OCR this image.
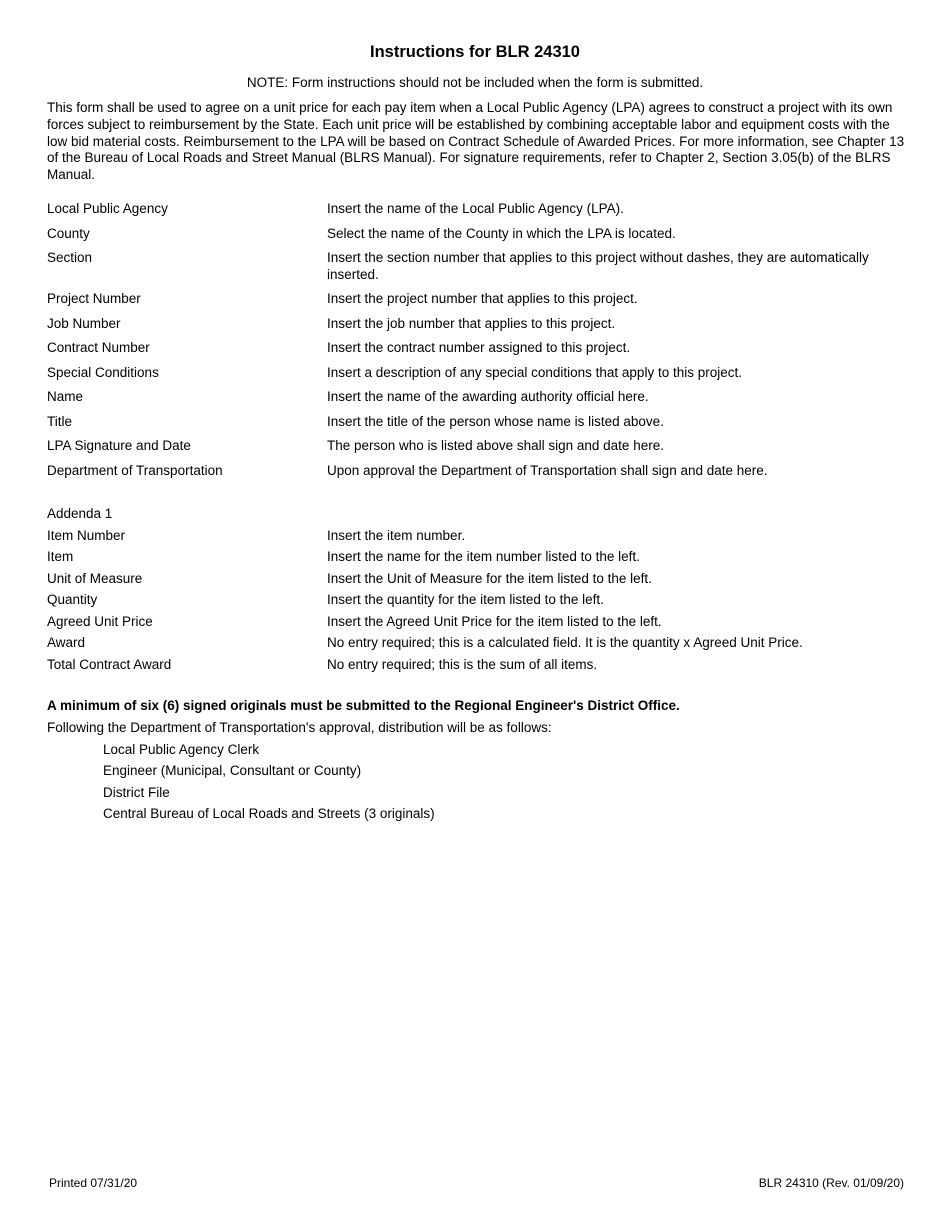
Instructions for BLR 24310
NOTE: Form instructions should not be included when the form is submitted.
This form shall be used to agree on a unit price for each pay item when a Local Public Agency (LPA) agrees to construct a project with its own forces subject to reimbursement by the State. Each unit price will be established by combining acceptable labor and equipment costs with the low bid material costs. Reimbursement to the LPA will be based on Contract Schedule of Awarded Prices. For more information, see Chapter 13 of the Bureau of Local Roads and Street Manual (BLRS Manual). For signature requirements, refer to Chapter 2, Section 3.05(b) of the BLRS Manual.
Local Public Agency	Insert the name of the Local Public Agency (LPA).
County	Select the name of the County in which the LPA is located.
Section	Insert the section number that applies to this project without dashes, they are automatically inserted.
Project Number	Insert the project number that applies to this project.
Job Number	Insert the job number that applies to this project.
Contract Number	Insert the contract number assigned to this project.
Special Conditions	Insert a description of any special conditions that apply to this project.
Name	Insert the name of the awarding authority official here.
Title	Insert the title of the person whose name is listed above.
LPA Signature and Date	The person who is listed above shall sign and date here.
Department of Transportation	Upon approval the Department of Transportation shall sign and date here.
Addenda 1
Item Number	Insert the item number.
Item	Insert the name for the item number listed to the left.
Unit of Measure	Insert the Unit of Measure for the item listed to the left.
Quantity	Insert the quantity for the item listed to the left.
Agreed Unit Price	Insert the Agreed Unit Price for the item listed to the left.
Award	No entry required; this is a calculated field. It is the quantity x Agreed Unit Price.
Total Contract Award	No entry required; this is the sum of all items.
A minimum of six (6) signed originals must be submitted to the Regional Engineer's District Office.
Following the Department of Transportation's approval, distribution will be as follows:
Local Public Agency Clerk
Engineer (Municipal, Consultant or County)
District File
Central Bureau of Local Roads and Streets (3 originals)
Printed 07/31/20	BLR 24310 (Rev. 01/09/20)
